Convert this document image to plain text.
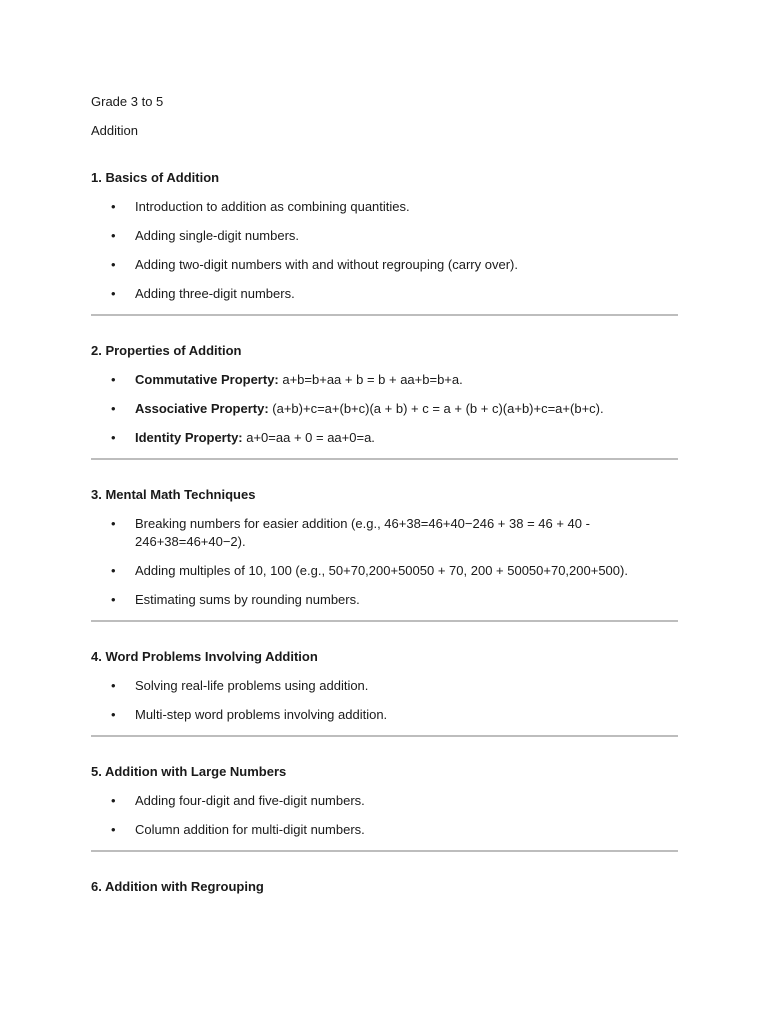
Grade 3 to 5

Addition

1. Basics of Addition

• Introduction to addition as combining quantities.
• Adding single-digit numbers.
• Adding two-digit numbers with and without regrouping (carry over).
• Adding three-digit numbers.

2. Properties of Addition

• Commutative Property: a+b=b+aa + b = b + aa+b=b+a.
• Associative Property: (a+b)+c=a+(b+c)(a + b) + c = a + (b + c)(a+b)+c=a+(b+c).
• Identity Property: a+0=aa + 0 = aa+0=a.

3. Mental Math Techniques

• Breaking numbers for easier addition (e.g., 46+38=46+40−246 + 38 = 46 + 40 - 246+38=46+40−2).
• Adding multiples of 10, 100 (e.g., 50+70,200+50050 + 70, 200 + 50050+70,200+500).
• Estimating sums by rounding numbers.

4. Word Problems Involving Addition

• Solving real-life problems using addition.
• Multi-step word problems involving addition.

5. Addition with Large Numbers

• Adding four-digit and five-digit numbers.
• Column addition for multi-digit numbers.

6. Addition with Regrouping
